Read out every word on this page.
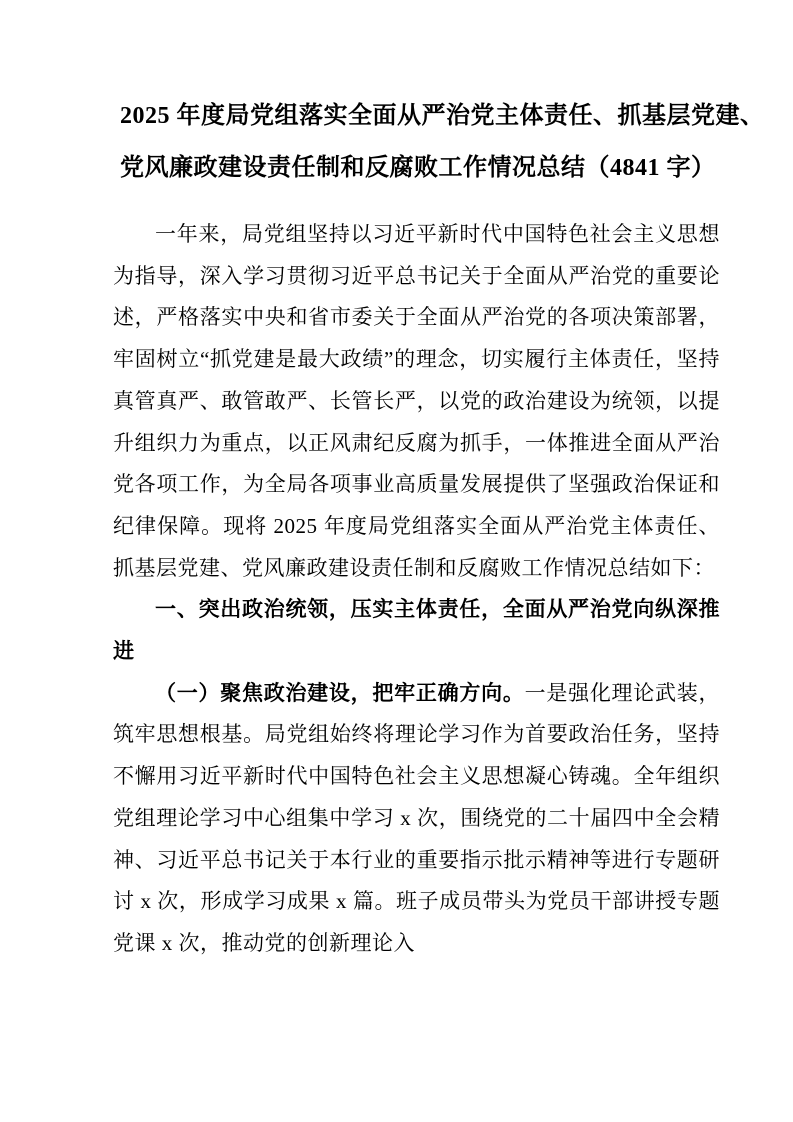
2025 年度局党组落实全面从严治党主体责任、抓基层党建、
党风廉政建设责任制和反腐败工作情况总结（4841 字）

一年来，局党组坚持以习近平新时代中国特色社会主义思想为指导，深入学习贯彻习近平总书记关于全面从严治党的重要论述，严格落实中央和省市委关于全面从严治党的各项决策部署，牢固树立“抓党建是最大政绩”的理念，切实履行主体责任，坚持真管真严、敢管敢严、长管长严，以党的政治建设为统领，以提升组织力为重点，以正风肃纪反腐为抓手，一体推进全面从严治党各项工作，为全局各项事业高质量发展提供了坚强政治保证和纪律保障。现将 2025 年度局党组落实全面从严治党主体责任、抓基层党建、党风廉政建设责任制和反腐败工作情况总结如下：

一、突出政治统领，压实主体责任，全面从严治党向纵深推进

（一）聚焦政治建设，把牢正确方向。一是强化理论武装，筑牢思想根基。局党组始终将理论学习作为首要政治任务，坚持不懈用习近平新时代中国特色社会主义思想凝心铸魂。全年组织党组理论学习中心组集中学习 x 次，围绕党的二十届四中全会精神、习近平总书记关于本行业的重要指示批示精神等进行专题研讨 x 次，形成学习成果 x 篇。班子成员带头为党员干部讲授专题党课 x 次，推动党的创新理论入
